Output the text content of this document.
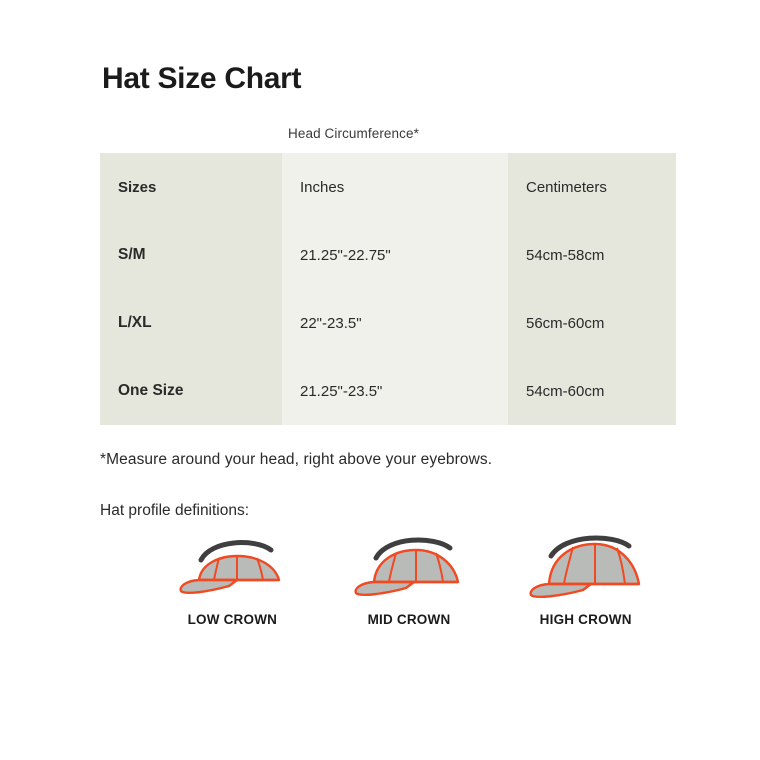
Hat Size Chart
Head Circumference*
Sizes	Inches	Centimeters
S/M	21.25"-22.75"	54cm-58cm
L/XL	22"-23.5"	56cm-60cm
One Size	21.25"-23.5"	54cm-60cm
*Measure around your head, right above your eyebrows.
Hat profile definitions:
LOW CROWN	MID CROWN	HIGH CROWN
